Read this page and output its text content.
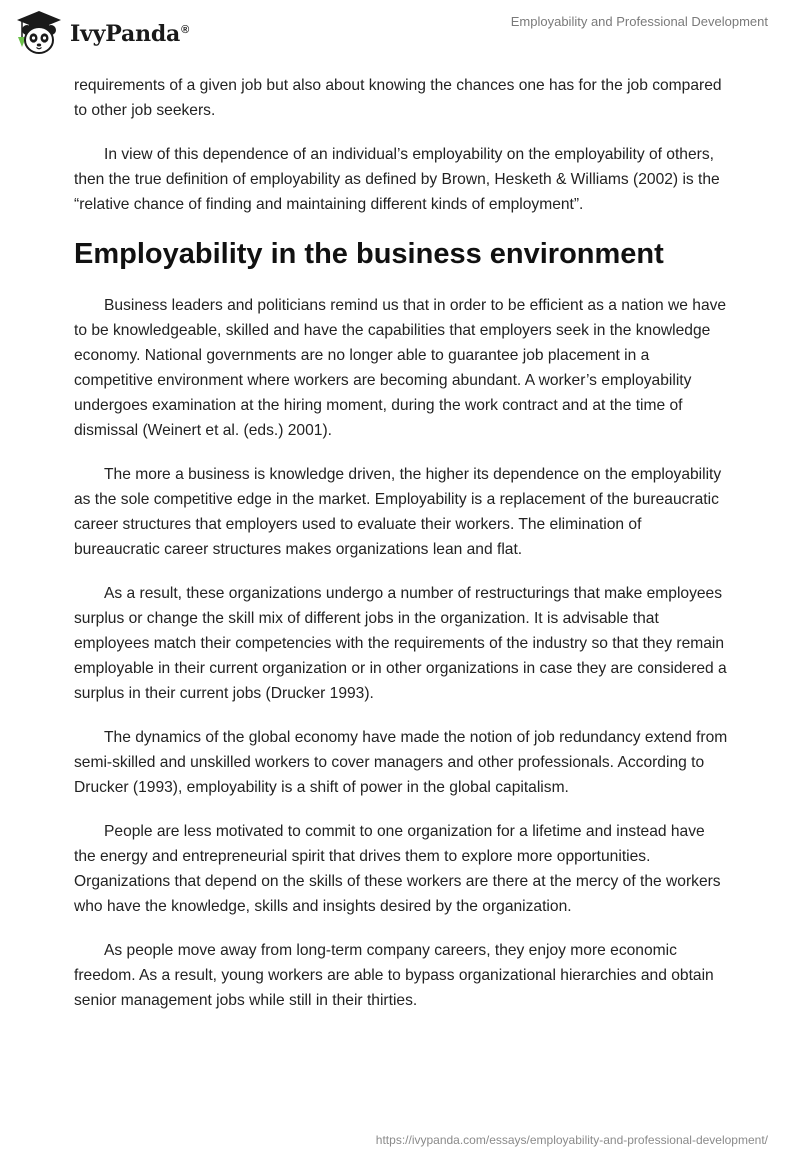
IvyPanda®
Employability and Professional Development

requirements of a given job but also about knowing the chances one has for the job compared to other job seekers.

In view of this dependence of an individual’s employability on the employability of others, then the true definition of employability as defined by Brown, Hesketh & Williams (2002) is the “relative chance of finding and maintaining different kinds of employment”.

Employability in the business environment

Business leaders and politicians remind us that in order to be efficient as a nation we have to be knowledgeable, skilled and have the capabilities that employers seek in the knowledge economy. National governments are no longer able to guarantee job placement in a competitive environment where workers are becoming abundant. A worker’s employability undergoes examination at the hiring moment, during the work contract and at the time of dismissal (Weinert et al. (eds.) 2001).

The more a business is knowledge driven, the higher its dependence on the employability as the sole competitive edge in the market. Employability is a replacement of the bureaucratic career structures that employers used to evaluate their workers. The elimination of bureaucratic career structures makes organizations lean and flat.

As a result, these organizations undergo a number of restructurings that make employees surplus or change the skill mix of different jobs in the organization. It is advisable that employees match their competencies with the requirements of the industry so that they remain employable in their current organization or in other organizations in case they are considered a surplus in their current jobs (Drucker 1993).

The dynamics of the global economy have made the notion of job redundancy extend from semi-skilled and unskilled workers to cover managers and other professionals. According to Drucker (1993), employability is a shift of power in the global capitalism.

People are less motivated to commit to one organization for a lifetime and instead have the energy and entrepreneurial spirit that drives them to explore more opportunities. Organizations that depend on the skills of these workers are there at the mercy of the workers who have the knowledge, skills and insights desired by the organization.

As people move away from long-term company careers, they enjoy more economic freedom. As a result, young workers are able to bypass organizational hierarchies and obtain senior management jobs while still in their thirties.

https://ivypanda.com/essays/employability-and-professional-development/
